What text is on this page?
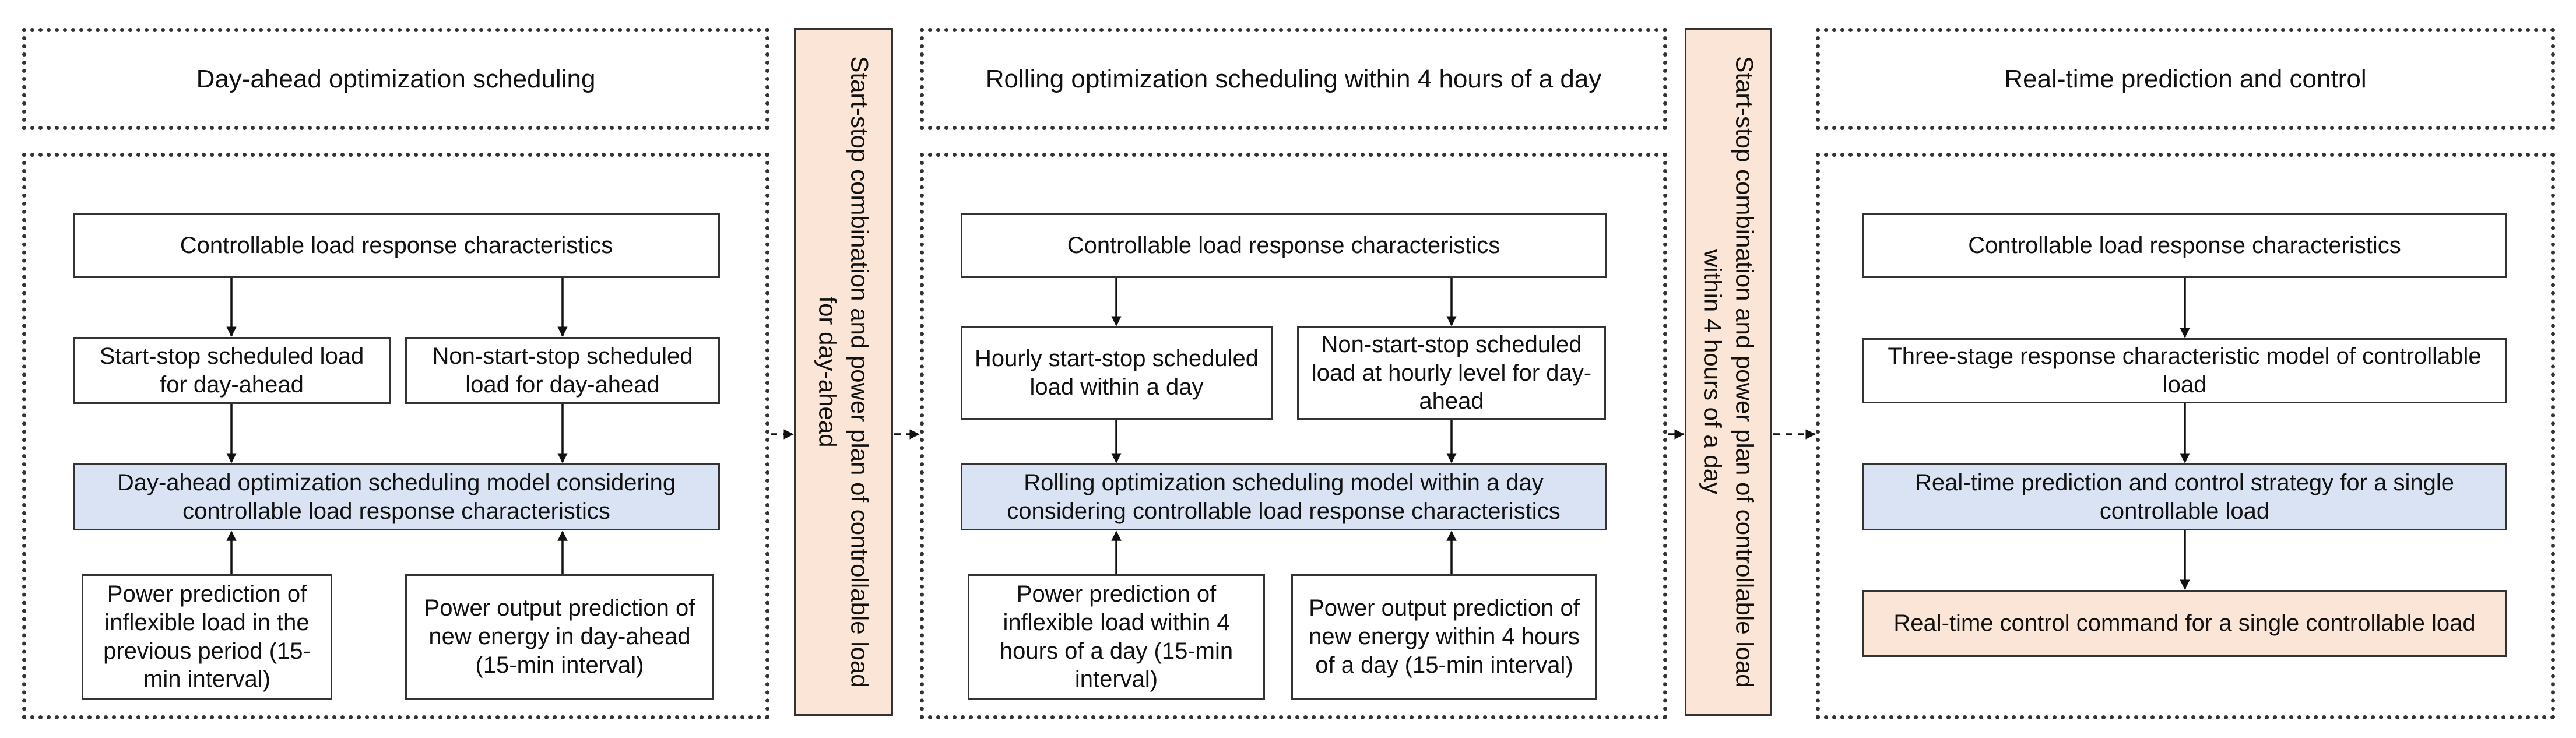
Day-ahead optimization scheduling
Controllable load response characteristics
Start-stop scheduled load for day-ahead
Non-start-stop scheduled load for day-ahead
Day-ahead optimization scheduling model considering controllable load response characteristics
Power prediction of inflexible load in the previous period (15-min interval)
Power output prediction of new energy in day-ahead (15-min interval)	Start-stop combination and power plan of controllable load for day-ahead
Rolling optimization scheduling within 4 hours of a day
Controllable load response characteristics
Hourly start-stop scheduled load within a day
Non-start-stop scheduled load at hourly level for day-ahead
Rolling optimization scheduling model within a day considering controllable load response characteristics
Power prediction of inflexible load within 4 hours of a day (15-min interval)
Power output prediction of new energy within 4 hours of a day (15-min interval)	Start-stop combination and power plan of controllable load within 4 hours of a day
Real-time prediction and control
Controllable load response characteristics
Three-stage response characteristic model of controllable load
Real-time prediction and control strategy for a single controllable load
Real-time control command for a single controllable load
